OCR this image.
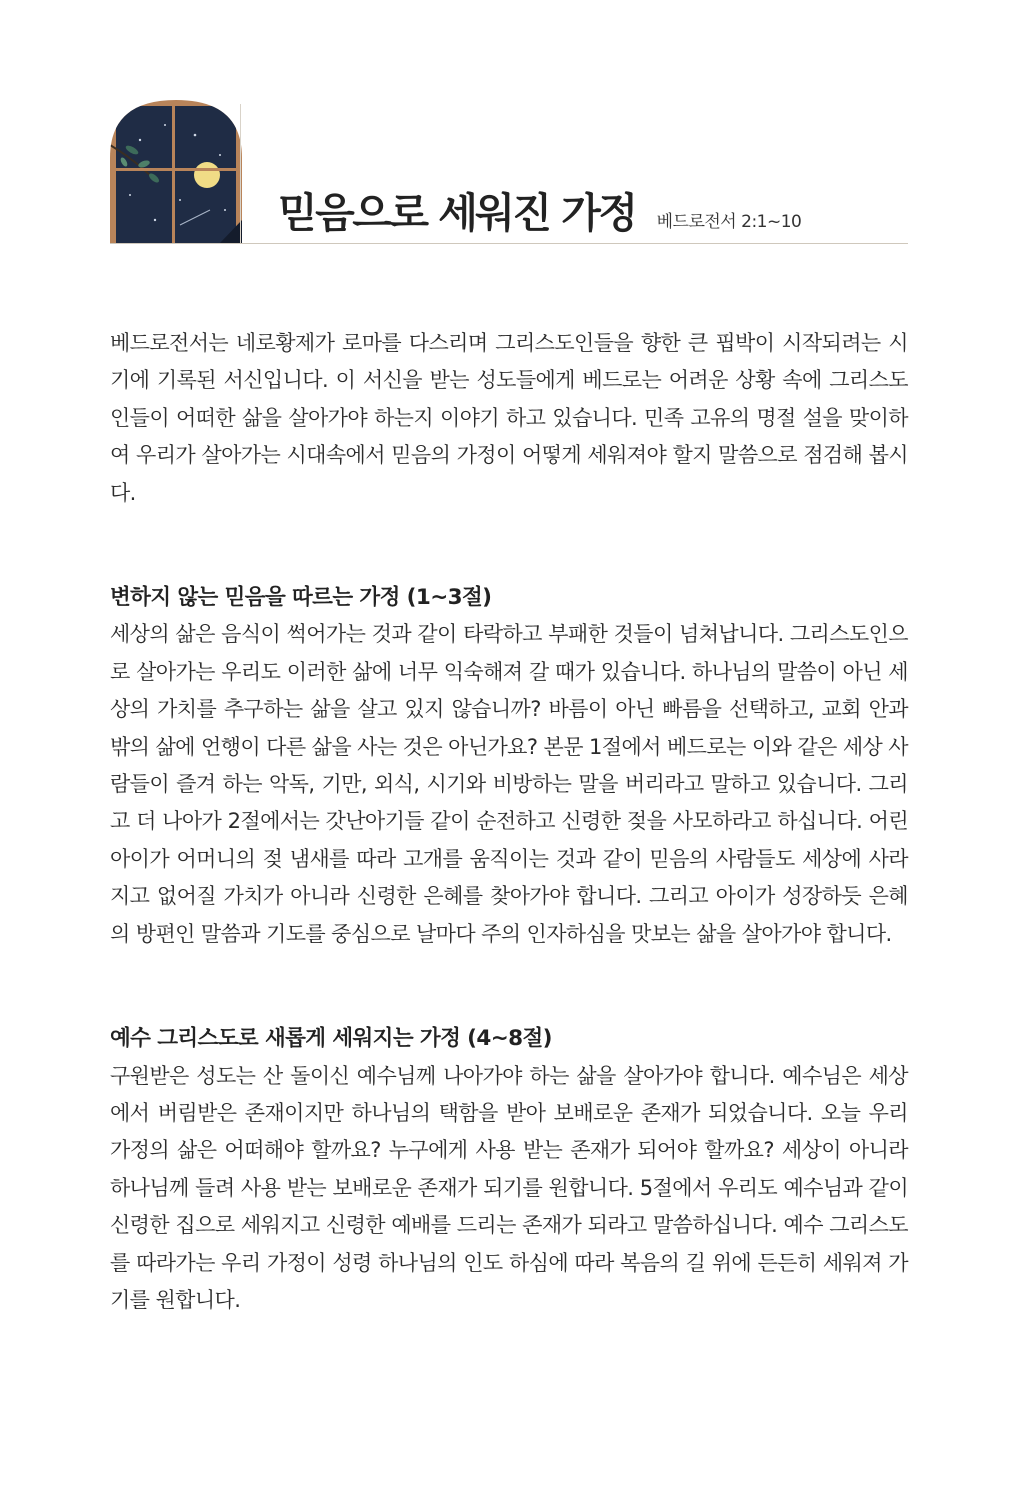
믿음으로 세워진 가정 베드로전서 2:1~10

베드로전서는 네로황제가 로마를 다스리며 그리스도인들을 향한 큰 핍박이 시작되려는 시기에 기록된 서신입니다. 이 서신을 받는 성도들에게 베드로는 어려운 상황 속에 그리스도인들이 어떠한 삶을 살아가야 하는지 이야기 하고 있습니다. 민족 고유의 명절 설을 맞이하여 우리가 살아가는 시대속에서 믿음의 가정이 어떻게 세워져야 할지 말씀으로 점검해 봅시다.

변하지 않는 믿음을 따르는 가정 (1~3절)

세상의 삶은 음식이 썩어가는 것과 같이 타락하고 부패한 것들이 넘쳐납니다. 그리스도인으로 살아가는 우리도 이러한 삶에 너무 익숙해져 갈 때가 있습니다. 하나님의 말씀이 아닌 세상의 가치를 추구하는 삶을 살고 있지 않습니까? 바름이 아닌 빠름을 선택하고, 교회 안과 밖의 삶에 언행이 다른 삶을 사는 것은 아닌가요? 본문 1절에서 베드로는 이와 같은 세상 사람들이 즐겨 하는 악독, 기만, 외식, 시기와 비방하는 말을 버리라고 말하고 있습니다. 그리고 더 나아가 2절에서는 갓난아기들 같이 순전하고 신령한 젖을 사모하라고 하십니다. 어린아이가 어머니의 젖 냄새를 따라 고개를 움직이는 것과 같이 믿음의 사람들도 세상에 사라지고 없어질 가치가 아니라 신령한 은혜를 찾아가야 합니다. 그리고 아이가 성장하듯 은혜의 방편인 말씀과 기도를 중심으로 날마다 주의 인자하심을 맛보는 삶을 살아가야 합니다.

예수 그리스도로 새롭게 세워지는 가정 (4~8절)

구원받은 성도는 산 돌이신 예수님께 나아가야 하는 삶을 살아가야 합니다. 예수님은 세상에서 버림받은 존재이지만 하나님의 택함을 받아 보배로운 존재가 되었습니다. 오늘 우리 가정의 삶은 어떠해야 할까요? 누구에게 사용 받는 존재가 되어야 할까요? 세상이 아니라 하나님께 들려 사용 받는 보배로운 존재가 되기를 원합니다. 5절에서 우리도 예수님과 같이 신령한 집으로 세워지고 신령한 예배를 드리는 존재가 되라고 말씀하십니다. 예수 그리스도를 따라가는 우리 가정이 성령 하나님의 인도 하심에 따라 복음의 길 위에 든든히 세워져 가기를 원합니다.
